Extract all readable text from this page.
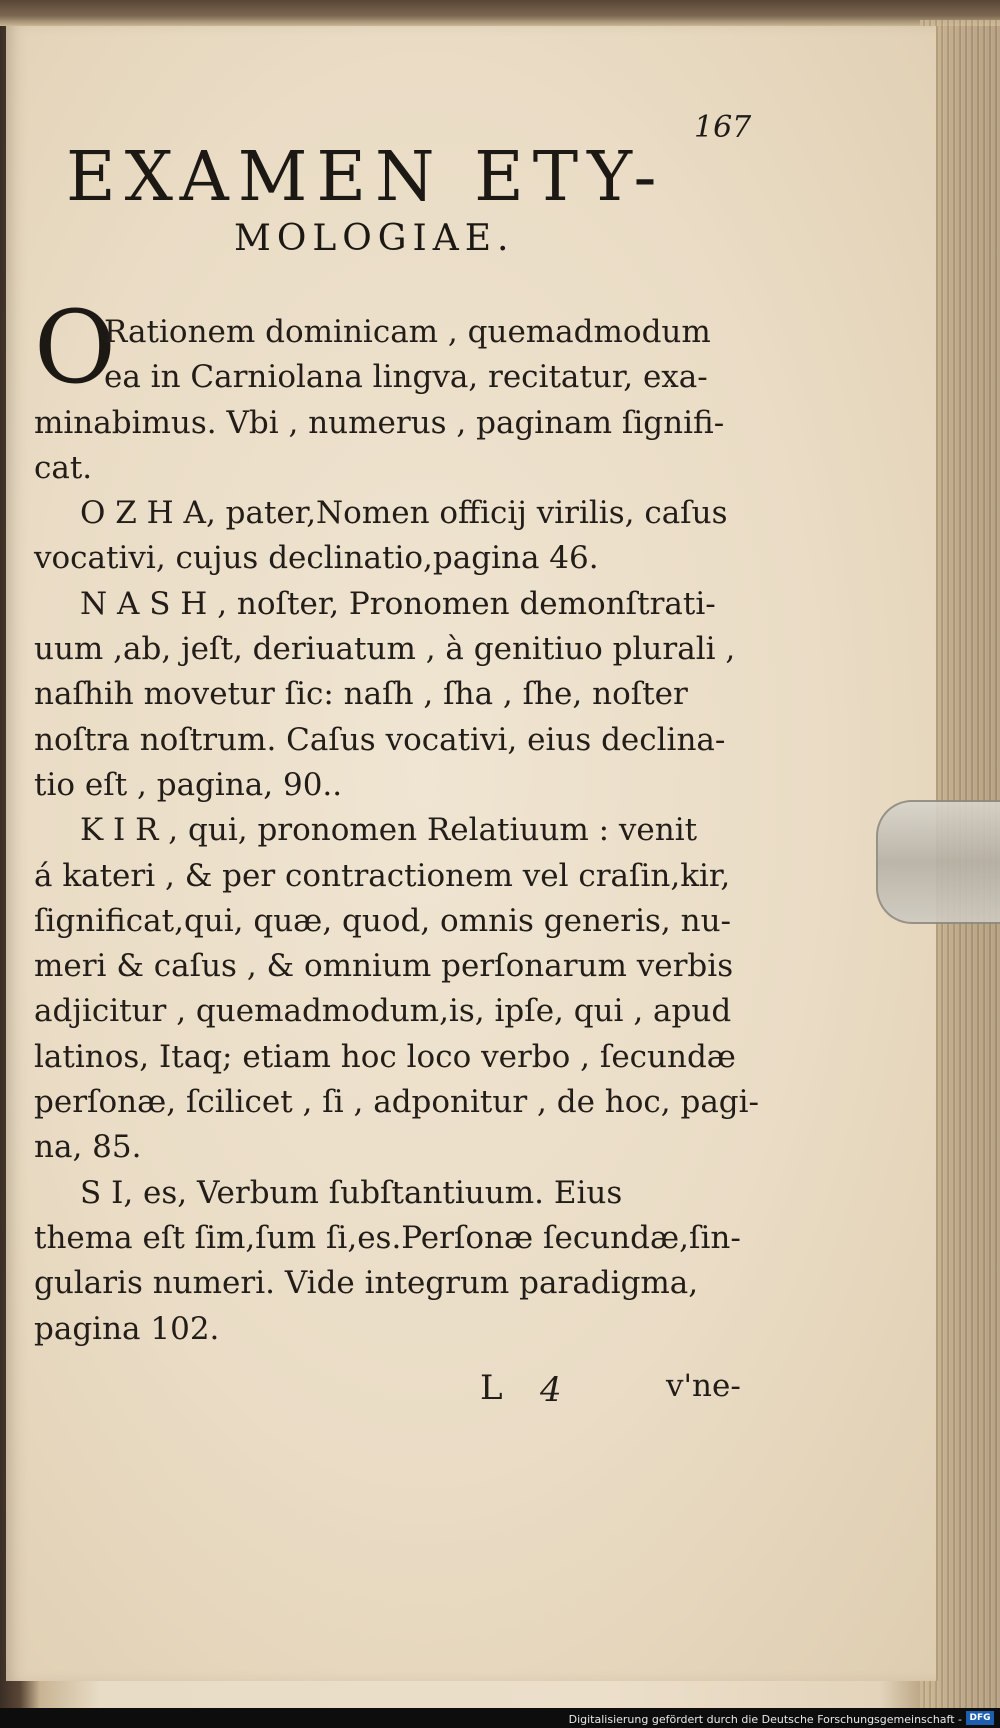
167
EXAMEN ETY-
MOLOGIAE.
O
Rationem dominicam , quemadmodum
ea in Carniolana lingva, recitatur, exa-
minabimus. Vbi , numerus , paginam ſignifi-
cat.
O Z H A, pater,Nomen officij virilis, caſus
vocativi, cujus declinatio,pagina 46.
N A S H , noſter, Pronomen demonſtrati-
uum ,ab, jeſt, deriuatum , à genitiuo plurali ,
naſhih movetur ſic: naſh , ſha , ſhe, noſter
noſtra noſtrum. Caſus vocativi, eius declina-
tio eſt , pagina, 90..
K I R , qui, pronomen Relatiuum : venit
á kateri , & per contractionem vel craſin,kir,
ſignificat,qui, quæ, quod, omnis generis, nu-
meri & caſus , & omnium perſonarum verbis
adjicitur , quemadmodum,is, ipſe, qui , apud
latinos, Itaq; etiam hoc loco verbo , ſecundæ
perſonæ, ſcilicet , ſi , adponitur , de hoc, pagi-
na, 85.
S I, es, Verbum ſubſtantiuum. Eius
thema eſt ſim,ſum ſi,es.Perſonæ ſecundæ,ſin-
gularis numeri. Vide integrum paradigma,
pagina 102.
L 4	v'ne-
Digitalisierung gefördert durch die Deutsche Forschungsgemeinschaft - DFG
